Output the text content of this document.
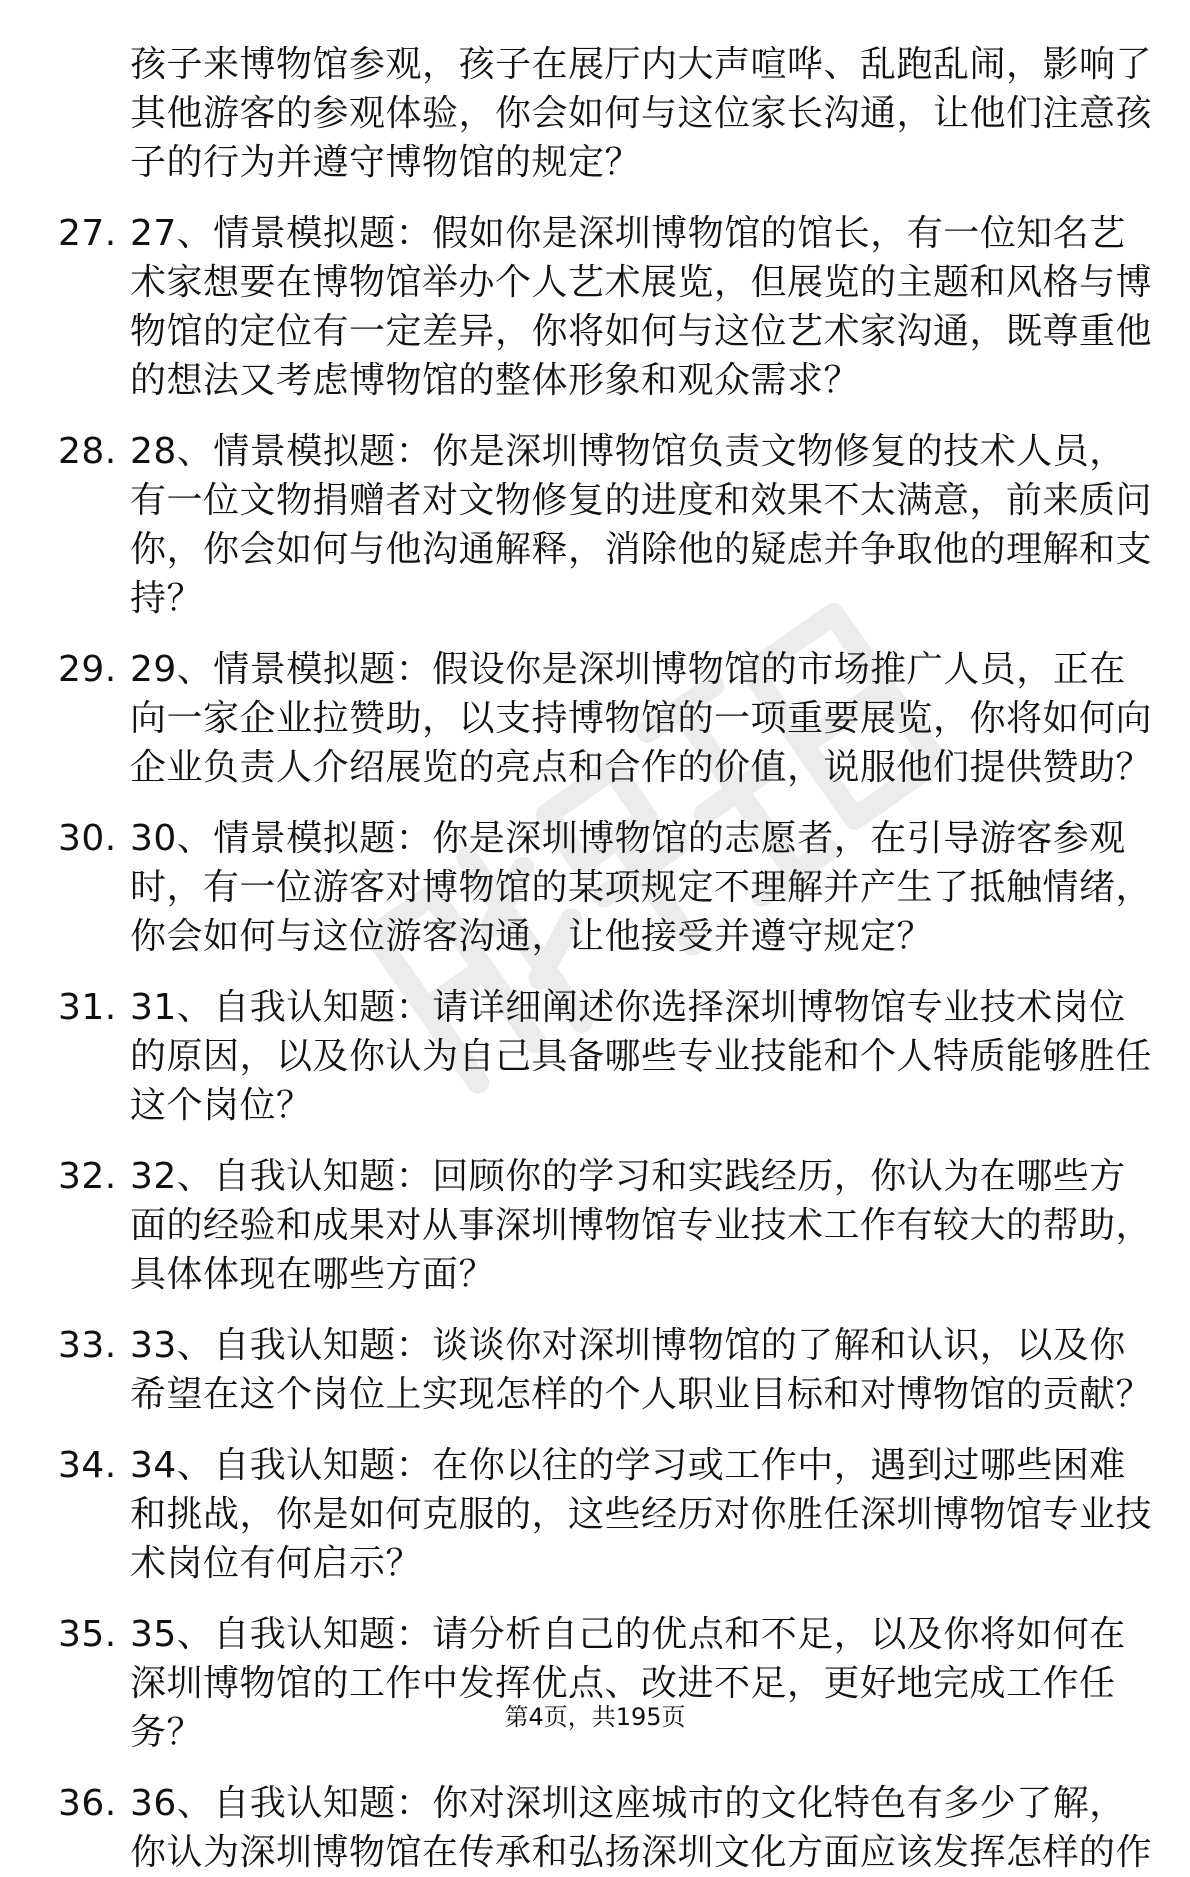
孩子来博物馆参观，孩子在展厅内大声喧哗、乱跑乱闹，影响了其他游客的参观体验，你会如何与这位家长沟通，让他们注意孩子的行为并遵守博物馆的规定？

27. 27、情景模拟题：假如你是深圳博物馆的馆长，有一位知名艺术家想要在博物馆举办个人艺术展览，但展览的主题和风格与博物馆的定位有一定差异，你将如何与这位艺术家沟通，既尊重他的想法又考虑博物馆的整体形象和观众需求？
28. 28、情景模拟题：你是深圳博物馆负责文物修复的技术人员，有一位文物捐赠者对文物修复的进度和效果不太满意，前来质问你，你会如何与他沟通解释，消除他的疑虑并争取他的理解和支持？
29. 29、情景模拟题：假设你是深圳博物馆的市场推广人员，正在向一家企业拉赞助，以支持博物馆的一项重要展览，你将如何向企业负责人介绍展览的亮点和合作的价值，说服他们提供赞助？
30. 30、情景模拟题：你是深圳博物馆的志愿者，在引导游客参观时，有一位游客对博物馆的某项规定不理解并产生了抵触情绪，你会如何与这位游客沟通，让他接受并遵守规定？
31. 31、自我认知题：请详细阐述你选择深圳博物馆专业技术岗位的原因，以及你认为自己具备哪些专业技能和个人特质能够胜任这个岗位？
32. 32、自我认知题：回顾你的学习和实践经历，你认为在哪些方面的经验和成果对从事深圳博物馆专业技术工作有较大的帮助，具体体现在哪些方面？
33. 33、自我认知题：谈谈你对深圳博物馆的了解和认识，以及你希望在这个岗位上实现怎样的个人职业目标和对博物馆的贡献？
34. 34、自我认知题：在你以往的学习或工作中，遇到过哪些困难和挑战，你是如何克服的，这些经历对你胜任深圳博物馆专业技术岗位有何启示？
35. 35、自我认知题：请分析自己的优点和不足，以及你将如何在深圳博物馆的工作中发挥优点、改进不足，更好地完成工作任务？
36. 36、自我认知题：你对深圳这座城市的文化特色有多少了解，你认为深圳博物馆在传承和弘扬深圳文化方面应该发挥怎样的作
第4页，共195页
